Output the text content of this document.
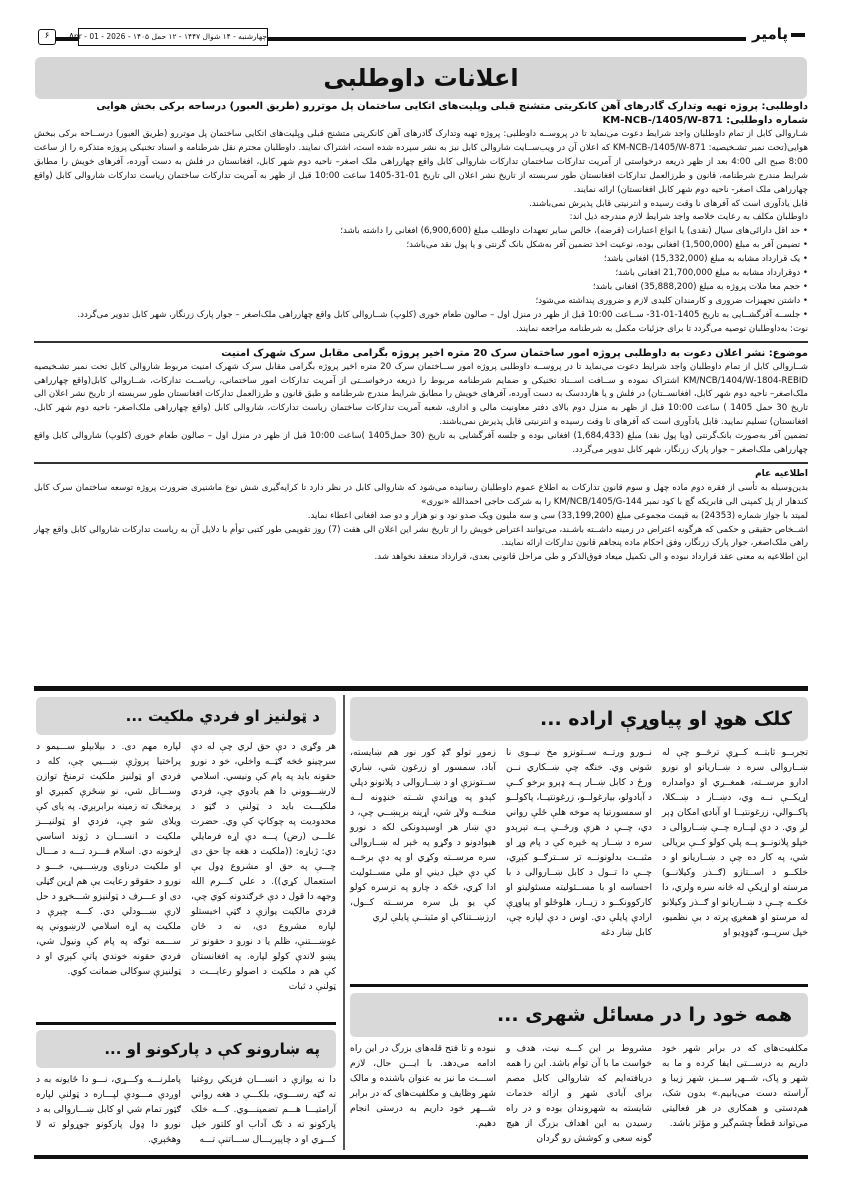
پامیر
چهارشنبه - ۱۴ شوال ۱۴۴۷ - ۱۲ حمل ۱۴۰۵ - Apr - 01 - 2026
۶
اعلانات داوطلبی

داوطلبی: پروژه تهیه وتدارک گادرهای آهن کانکریتی متشنج قبلی وپلیت‌های اتکایی ساختمان پل موتررو (طریق العبور) درساحه برکی بخش هوایی

شماره داوطلبی: KM-NCB-/1405/W-871

شـاروالی کابل از تمام داوطلبان واجد شرایط دعوت می‌نماید تا در پروســه داوطلبی: پروژه تهیه وتدارک گادرهای آهن کانکریتی متشنج قبلی وپلیت‌های اتکایی ساختمان پل موتررو (طریق العبور) درســاحه برکی ببخش هوایی(تحت نمبر تشـخیصیه: KM-NCB-/1405/W-871 که اعلان آن در ویب‌ســایت شاروالی کابل نیز به نشر سپرده شده است، اشتراک نمایند. داوطلبان محترم نقل شرطنامه و اسناد تخنیکی پروژه متذکره را از ساعت 8:00 صبح الی 4:00 بعد از ظهر ذریعه درخواستی از آمریت تدارکات ساختمان تدارکات شاروالی کابل واقع چهارراهی ملک اصغر– ناحیه دوم شهر کابل، افغانستان در فلش به دست آورده، آفرهای خویش را مطابق شرایط مندرج شرطنامه، قانون و طرزالعمل تدارکات افغانستان طور سربسته از تاریخ نشر اعلان الی تاریخ 01-31-1405 ساعت 10:00 قبل از ظهر به آمریت تدارکات ساختمان ریاست تدارکات شاروالی کابل (واقع چهارراهی ملک اصغر- ناحیه دوم شهر کابل افغانستان) ارائه نمایند.

قابل یادآوری است که آفرهای نا وقت رسیده و انترنیتی قابل پذیرش نمی‌باشند.

داوطلبان مکلف به رعایت خلاصه واجد شرایط لازم مندرجه ذیل اند:

• حد اقل دارائی‌های سیال (نقدی) یا انواع اعتبارات (قرضه)، خالص سایر تعهدات داوطلب مبلغ (6,900,600) افغانی را داشته باشد؛
• تضیمن آفر به مبلغ (1,500,000) افغانی بوده، نوعیت اخذ تضمین آفر به‌شکل بانک گرنتی و یا پول نقد می‌باشد؛
• یک قرارداد مشابه به مبلغ (15,332,000) افغانی باشد؛
• دوقرارداد مشابه به مبلغ 21,700,000 افغانی باشد؛
• حجم معا ملات پروژه به مبلغ (35,888,200) افغانی باشد؛
• داشتن تجهیزات ضروری و کارمندان کلیدی لازم و ضروری پنداشته می‌شود؛
• جلســه آفرگشــایی به تاریخ 1405-01-31- ســاعت 10:00 قبل از ظهر در منزل اول – صالون طعام خوری (کلوپ) شــاروالی کابل واقع چهارراهی ملک‌اصغر – جوار پارک زرنگار، شهر کابل تدویر می‌گردد.

نوت: به‌داوطلبان توصیه می‌گردد تا برای جزئیات مکمل به شرطنامه مراجعه نمایند.

موضوع: نشر اعلان دعوت به داوطلبی پروژه امور ساختمان سرک 20 متره اخیر پروژه بگرامی مقابل سرک شهرک امنیت

شــاروالی کابل از تمام داوطلبان واجد شرایط دعوت می‌نماید تا در پروســه داوطلبی پروژه امور ســاختمان سرک 20 متره اخیر پروژه بگرامی مقابل سرک شهرک امنیت مربوط شاروالی کابل تحت نمبر تشـخیصیه KM/NCB/1404/W-1804-REBID اشتراک نموده و ســافت اســناد تخنیکی و ضمایم شرطنامه مربوط را ذریعه درخواســتی از آمریت تدارکات امور ساختمانی، ریاســت تدارکات، شــاروالی کابل(واقع چهارراهی ملک‌اصغر– ناحیه دوم شهر کابل، افغانســتان) در فلش و یا هارددسک به دست آورده، آفرهای خویش را مطابق شرایط مندرج شرطنامه و طبق قانون و طرزالعمل تدارکات افغانستان طور سربسته از تاریخ نشر اعلان الی تاریخ 30 حمل 1405 ) ساعت 10:00 قبل از ظهر به منزل دوم بالای دفتر معاونیت مالی و اداری، شعبه آمریت تدارکات ساختمان ریاست تدارکات، شاروالی کابل (واقع چهارراهی ملک‌اصغر- ناحیه دوم شهر کابل، افغانستان) تسلیم نمایید. قابل یادآوری است که آفرهای نا وقت رسیده و انترنیتی قابل پذیرش نمی‌باشند.

تضمین آفر به‌صورت بانک‌گرنتی (ویا پول نقد) مبلغ (1,684,433) افغانی بوده و جلسه آفرگشایی به تاریخ (30 حمل1405 )ساعت 10:00 قبل از ظهر در منزل اول – صالون طعام خوری (کلوپ) شاروالی کابل واقع چهارراهی ملک‌اصغر – جوار پارک زرنگار، شهر کابل تدویر می‌گردد.

اطلاعیه عام

بدین‌وسیله به تأسی از فقره دوم ماده چهل و سوم قانون تدارکات به اطلاع عموم داوطلبان رسانیده می‌شود که شاروالی کابل در نظر دارد تا کرایه‌گیری شش نوع ماشنیری ضرورت پروژه توسعه ساختمان سرک کابل کندهار از پل کمپنی الی فابریکه گچ با کود نمبر KM/NCB/1405/G-144 را به شرکت حاجی احمدالله «نوری»

لمیتد با جواز شماره (24353) به قیمت مجموعی مبلغ (33,199,200) سی و سه ملیون ویک صدو نود و نو هزار و دو صد افغانی اعطاء نماید.

اشــخاص حقیقی و حکمی که هرگونه اعتراض در زمینه داشــته باشـند، می‌توانند اعتراض خویش را از تاریخ نشر این اعلان الی هفت (7) روز تقویمی طور کتبی توأم با دلایل آن به ریاست تدارکات شاروالی کابل واقع چهار راهی ملک‌اصغر، جوار پارک زرنگار، وفق احکام ماده پنجاهم قانون تدارکات ارائه نمایند.

این اطلاعیه به معنی عقد قرارداد نبوده و الی تکمیل میعاد فوق‌الذکر و طی مراحل قانونی بعدی، قرارداد منعقد نخواهد شد.

کلک هوډ او پیاوړې اراده ...
تجربــو ثابتــه کــړې ترڅــو چې له ښــاروالی سره د ښــاریانو او نورو ادارو مرســته، همغــږي او دوامداره اړیکــې نــه وي، دښــار د ښــکلا، پاکــوالي، زرغونتیــا او آبادۍ امکان ډېر لږ وي. د دې لپــاره چــې ښــاروالی د خپلو پلانونــو پــه پلي کولو کــې بریالی شي، په کار ده چې د ښــاریانو او د خلکــو د اســتازو (ګــذر وکیلانــو) مرسته او اړیکې له څانه سره ولري، دا څکــه چــې د ښــاریانو او ګــذر وکیلانو له مرستو او همغږۍ پرته د بې نظمیو، خپل سریــو، ګډوډیو او
نــورو ورتــه ســتونزو مخ نیــوی نا شوني وي. خنګه چې ښــکاري نــن ورځ د کابل ښــار پــه ډېرو برخو کــې د آبادولو، بیارغولــو، زرغونتیــا، پاکولــو او سمسورتیا په موخه هلې ځلې رواني دي، چــې د هرې ورځــې پــه تېرېدو سره د ښــار په څېره کې د پام وړ او مثبــت بدلونونــه تر ســترګــو کېږي، چــې دا تــول د کابل ښــاروالی د با احساسه او با مســئولیته مسئولینو او کارکوونکــو د زیــار، هلوځلو او پیاوړې ارادې پایلې دي. اوس د دې لپاره چې، کابل ښار دغه
زموږ تولو ګډ کور نور هم ښایسته، آباد، سمسور او زرغون شي، ښاري ســتونزې او د ښــاروالی د پلانونو دپلي کېدو په وړاندې شــته خنډونه لــه منځــه ولاړ شي، اړینه برېښــي چې، د دې ښار هر اوسېدونکی لکه د نورو هېوادونو د وګړو په څېر له ښــاروالی سره مرســته وکړي او په دې برخــه کې دې خپل دیني او ملي مســئولیت ادا کړي، څکه د چارو په ترسره کولو کې یو بل سره مرســته کــول، ارزښــتناکې او مثبتــې پایلې لري
همه خود را در مسائل شهری ...
مکلفیت‌های که در برابر شهر خود داریم به درســـتی ایفا کرده و ما به شهر و پاک، شــهر ســبز، شهر زیبا و آراسته دست می‌یابیم.» بدون شک، هم‌دستی و همکاری در هر فعالیتی می‌تواند قطعاً چشم‌گیر و مؤثر باشد.
مشروط بر این کـــه نیت، هدف و خواست ما با آن توأم باشد. این را همه دریافته‌ایم که شاروالی کابل مصم برای آبادی شهر و ارائه خدمات شایسته به شهروندان بوده و در راه رسیدن به این اهداف بزرگ از هیچ گونه سعی و کوشش رو گردان
نبوده و تا فتح قله‌های بزرگ در این راه ادامه می‌دهد. با ایـــن حال، لازم اســـت ما نیز به عنوان باشنده و مالک شهر وظایف و مکلفیت‌های که در برابر شـــهر خود داریم به درستی انجام دهیم.
د ټولنیز او فردي ملکیت ...
هر وګړی د دې حق لري چې له دې سرچینو څخه ګټــه واخلي، خو د نورو حقونه باید په پام کې ونیسي. اسلامي لارښـــووني دا هم یادوي چې، فردي ملکیـــت باید د ټولنې د ګټو د محدودیت په چوکاټ کې وي. حضرت علـــی (رض) پـــه دې اړه فرمایلي دي: ژباړه: ((ملکیت د هغه چا حق دی چـــې په حق او مشروع ډول یې استعمال کړي)). د علي کـــرم الله وجهه دا قول د دې څرګندونه کوي چې، فردي مالکیت یوازې د ګټې اخیستلو لپاره مشروع دی، نه د ځان غوښـــتنې، ظلم یا د نورو د حقونو تر پښو لاندې کولو لپاره. په افغانستان کې هم د ملکیت د اصولو رعایـــت د ټولنې د ثبات
لپاره مهم دی. د بېلابېلو ســـیمو د پراختیا پروژې ښـــيي چې، کله د فردي او ټولنیز ملکیت ترمنځ توازن وســـاتل شي، نو ښځرې کمېږي او پرمختګ ته زمینه برابرېږي. په پای کې ویلای شو چې، فردي او ټولنیـــز ملکیت د انســـان د ژوند اساسي اړخونه دي. اسلام فـــرد تـــه د مـــال او ملکیت درناوی ورښـــيي، خـــو د نورو د حقوقو رعایت یې هم اړین ګڼلی دی او عـــرف د ټولنیزو شـــخړو د حل لارې ښـــودلي دي. کـــه چېرې د ملکیت په اړه اسلامي لارښوونې په ســـمه توګه په پام کې ونیول شي، فردي حقونه خوندي پاتې کېږي او د ټولنیزې سوکالی ضمانت کوي.
په ښارونو کې د پارکونو او ...
دا نه یوازې د انســـان فزیکي روغتیا ته ګټه رســـوي، بلکـــې د هغه رواني آرامتیـــا هـــم تضمینـــوي. کـــه خلک پارکونو ته د تګ آداب او کلتور خپل کـــړي او د چاپېریـــال ســـاتنې تـــه
پاملرنـــه وکـــړي، نـــو دا ځایونه به د اوږدې مـــودې لپـــاره د ټولنې لپاره ګټور تمام شي او کابل ښـــاروالی به د نورو دا ډول پارکونو جوړولو ته لا وهڅېږي.
